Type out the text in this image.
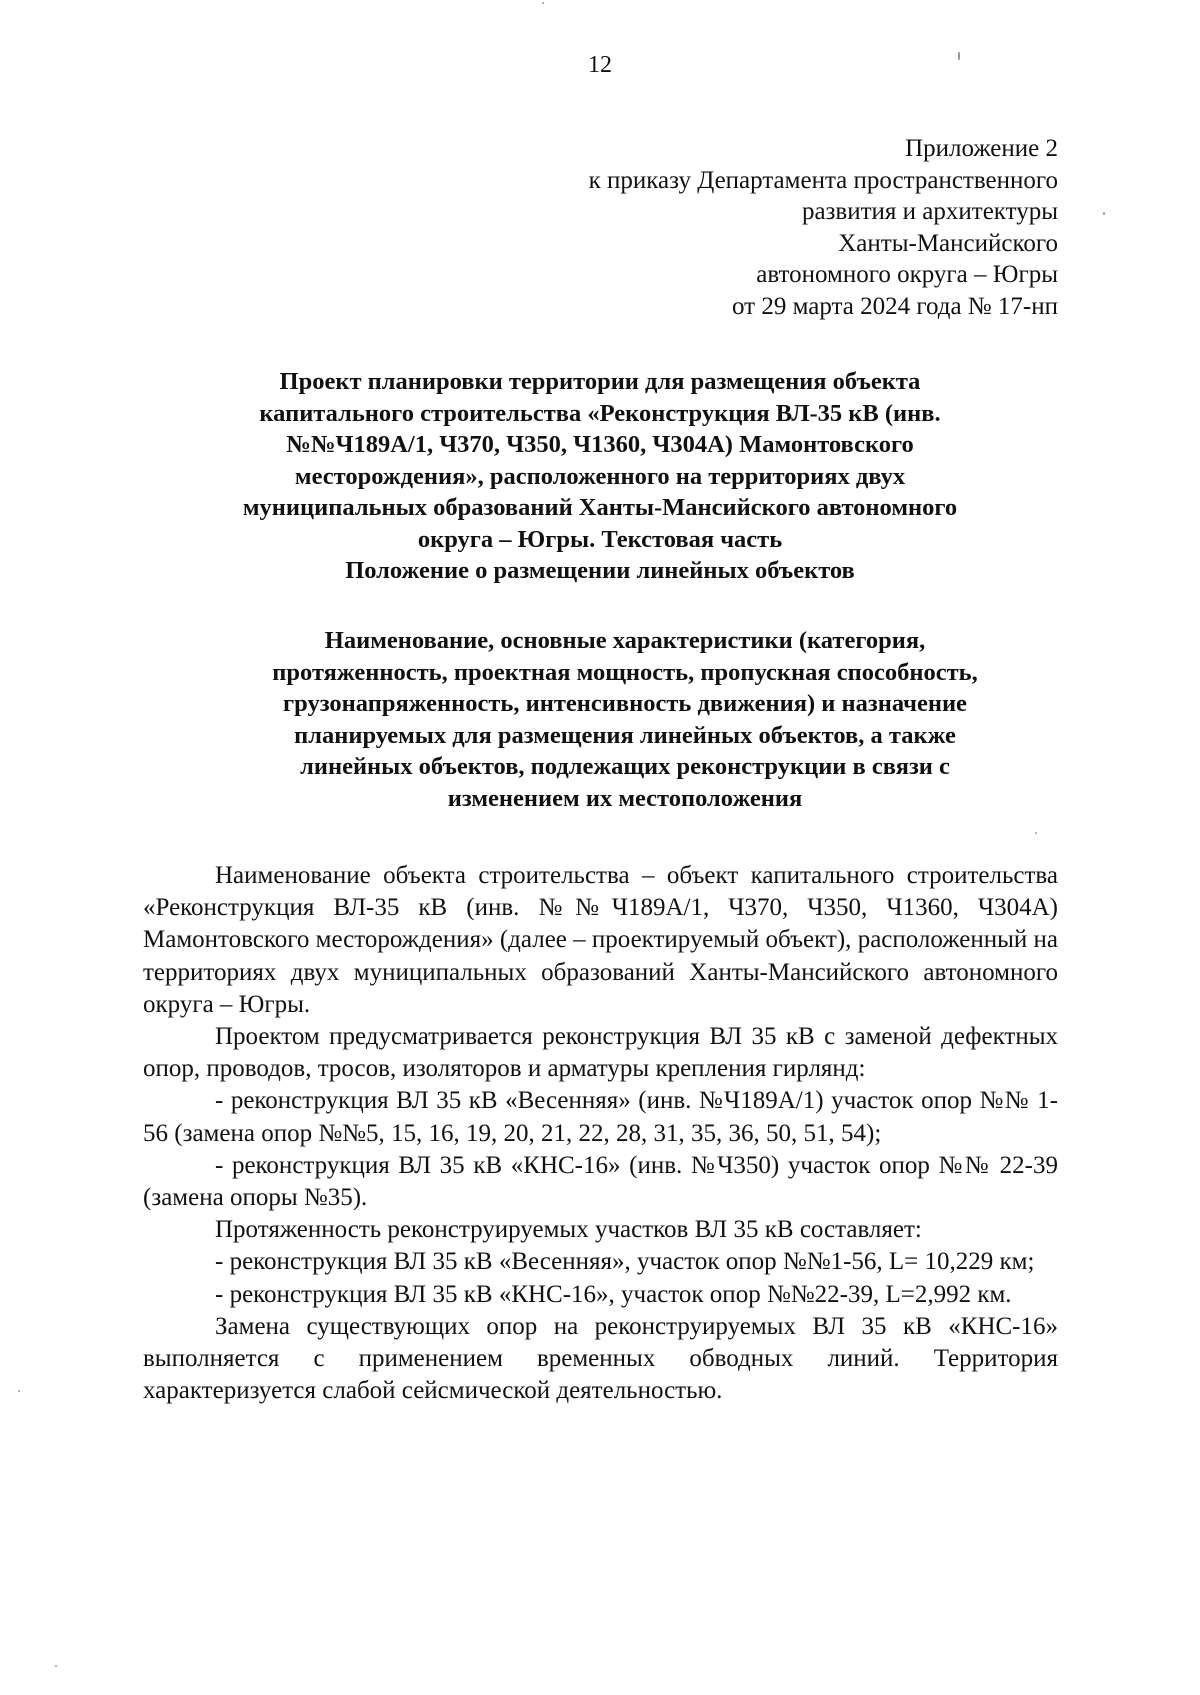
12
Приложение 2
к приказу Департамента пространственного
развития и архитектуры
Ханты-Мансийского
автономного округа – Югры
от 29 марта 2024 года № 17-нп
Проект планировки территории для размещения объекта
капитального строительства «Реконструкция ВЛ-35 кВ (инв.
№№Ч189А/1, Ч370, Ч350, Ч1360, Ч304А) Мамонтовского
месторождения», расположенного на территориях двух
муниципальных образований Ханты-Мансийского автономного
округа – Югры. Текстовая часть
Положение о размещении линейных объектов
Наименование, основные характеристики (категория,
протяженность, проектная мощность, пропускная способность,
грузонапряженность, интенсивность движения) и назначение
планируемых для размещения линейных объектов, а также
линейных объектов, подлежащих реконструкции в связи с
изменением их местоположения

Наименование объекта строительства – объект капитального строительства «Реконструкция ВЛ-35 кВ (инв. №№Ч189А/1, Ч370, Ч350, Ч1360, Ч304А) Мамонтовского месторождения» (далее – проектируемый объект), расположенный на территориях двух муниципальных образований Ханты-Мансийского автономного округа – Югры.

Проектом предусматривается реконструкция ВЛ 35 кВ с заменой дефектных опор, проводов, тросов, изоляторов и арматуры крепления гирлянд:

- реконструкция ВЛ 35 кВ «Весенняя» (инв. №Ч189А/1) участок опор №№ 1-56 (замена опор №№5, 15, 16, 19, 20, 21, 22, 28, 31, 35, 36, 50, 51, 54);

- реконструкция ВЛ 35 кВ «КНС-16» (инв. №Ч350) участок опор №№ 22-39 (замена опоры №35).

Протяженность реконструируемых участков ВЛ 35 кВ составляет:

- реконструкция ВЛ 35 кВ «Весенняя», участок опор №№1-56, L= 10,229 км;

- реконструкция ВЛ 35 кВ «КНС-16», участок опор №№22-39, L=2,992 км.

Замена существующих опор на реконструируемых ВЛ 35 кВ «КНС-16» выполняется с применением временных обводных линий. Территория характеризуется слабой сейсмической деятельностью.
